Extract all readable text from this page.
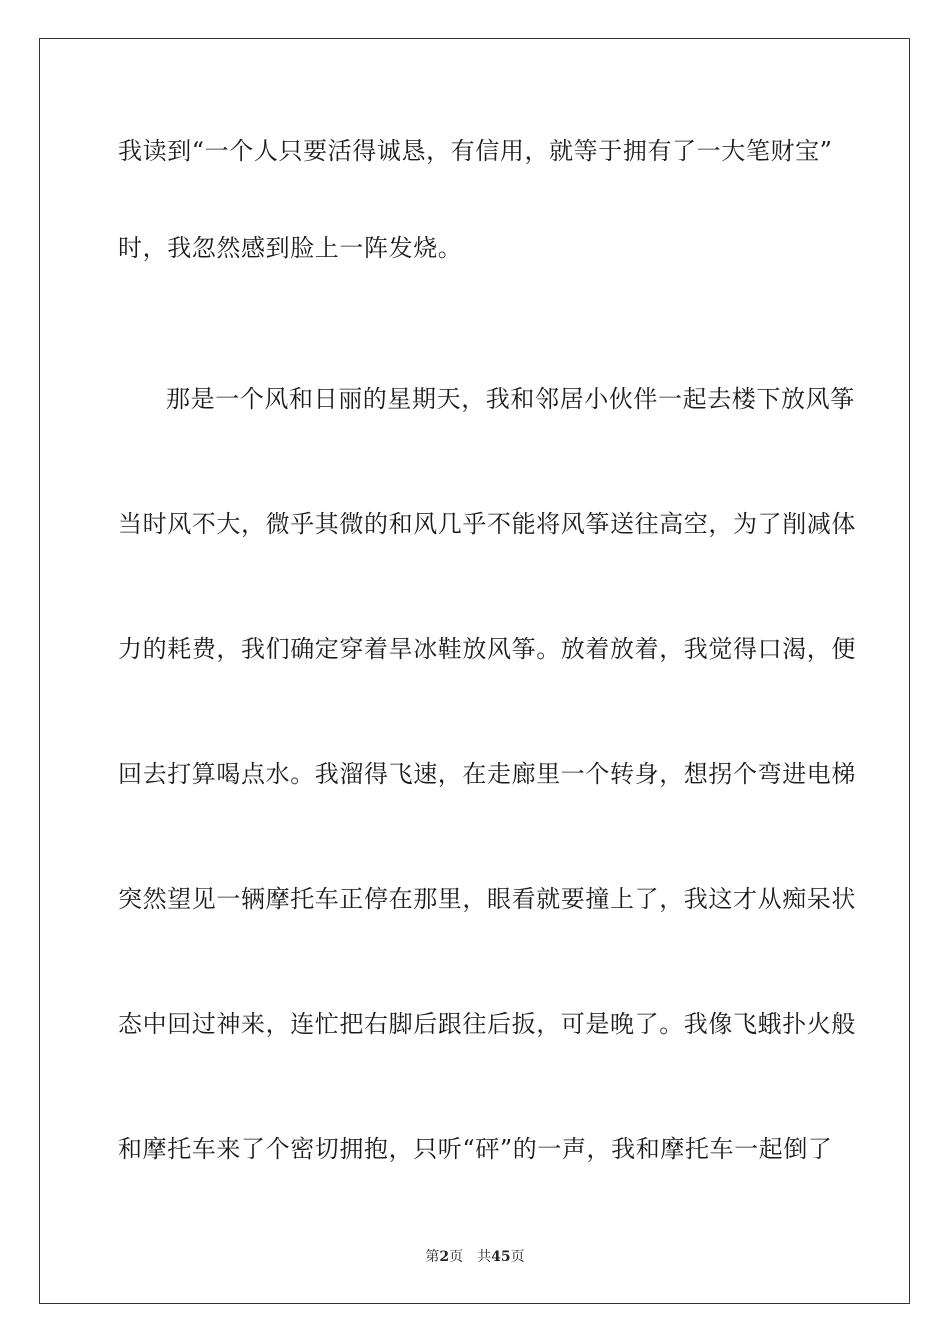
我读到“一个人只要活得诚恳，有信用，就等于拥有了一大笔财宝”
时，我忽然感到脸上一阵发烧。
那是一个风和日丽的星期天，我和邻居小伙伴一起去楼下放风筝
当时风不大，微乎其微的和风几乎不能将风筝送往高空，为了削减体
力的耗费，我们确定穿着旱冰鞋放风筝。放着放着，我觉得口渴，便
回去打算喝点水。我溜得飞速，在走廊里一个转身，想拐个弯进电梯
突然望见一辆摩托车正停在那里，眼看就要撞上了，我这才从痴呆状
态中回过神来，连忙把右脚后跟往后扳，可是晚了。我像飞蛾扑火般
和摩托车来了个密切拥抱，只听“砰”的一声，我和摩托车一起倒了
第2页 共45页
